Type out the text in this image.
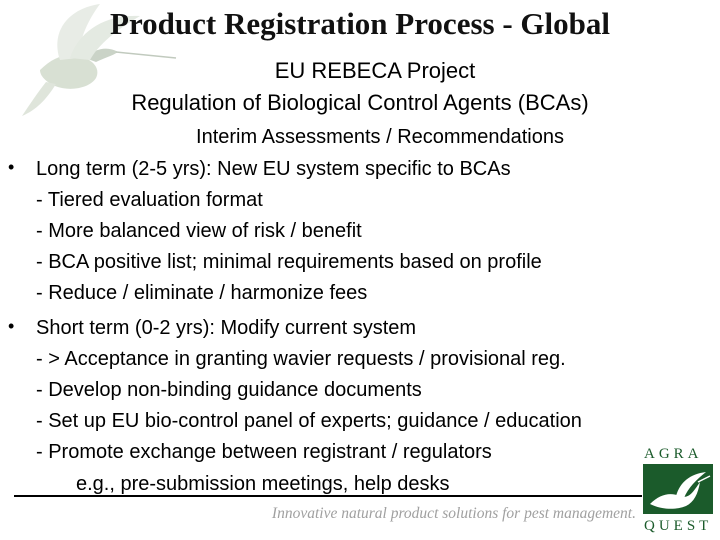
Product Registration Process - Global
EU REBECA Project
Regulation of Biological Control Agents (BCAs)
Interim Assessments / Recommendations
• Long term (2-5 yrs): New EU system specific to BCAs
- Tiered evaluation format
- More balanced view of risk / benefit
- BCA positive list; minimal requirements based on profile
- Reduce / eliminate / harmonize fees
• Short term (0-2 yrs): Modify current system
- > Acceptance in granting wavier requests / provisional reg.
- Develop non-binding guidance documents
- Set up EU bio-control panel of experts; guidance / education
- Promote exchange between registrant / regulators
e.g., pre-submission meetings, help desks
Innovative natural product solutions for pest management.
AGRA
QUEST
